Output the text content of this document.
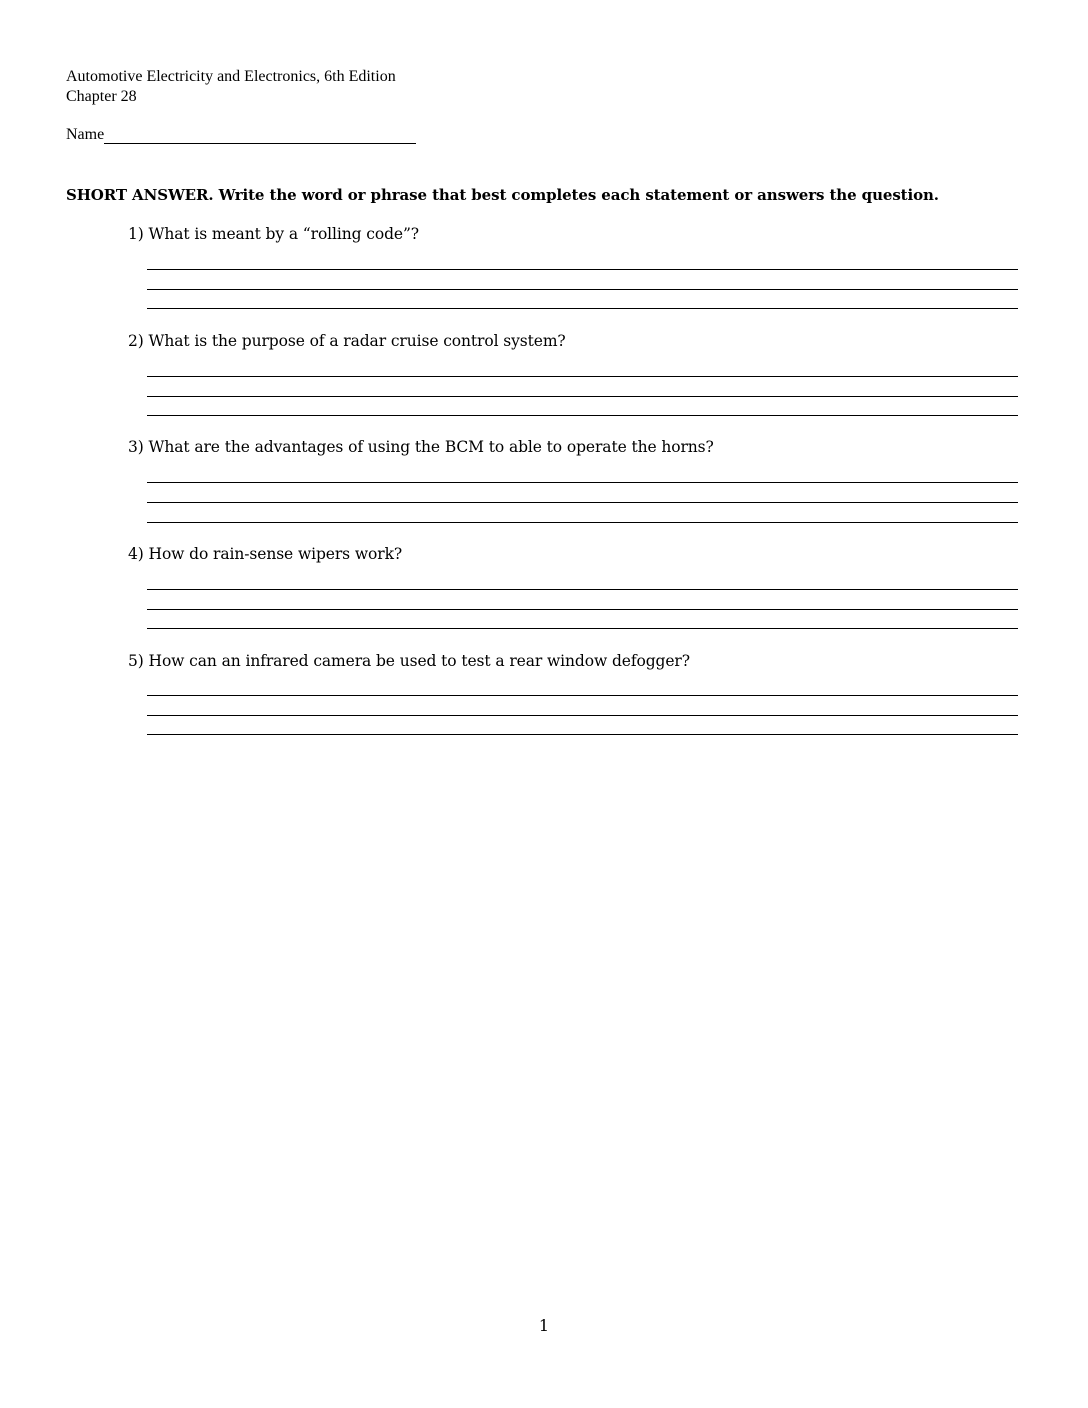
Automotive Electricity and Electronics, 6th Edition
Chapter 28
Name
SHORT ANSWER. Write the word or phrase that best completes each statement or answers the question.
1) What is meant by a “rolling code”?
2) What is the purpose of a radar cruise control system?
3) What are the advantages of using the BCM to able to operate the horns?
4) How do rain-sense wipers work?
5) How can an infrared camera be used to test a rear window defogger?
1
